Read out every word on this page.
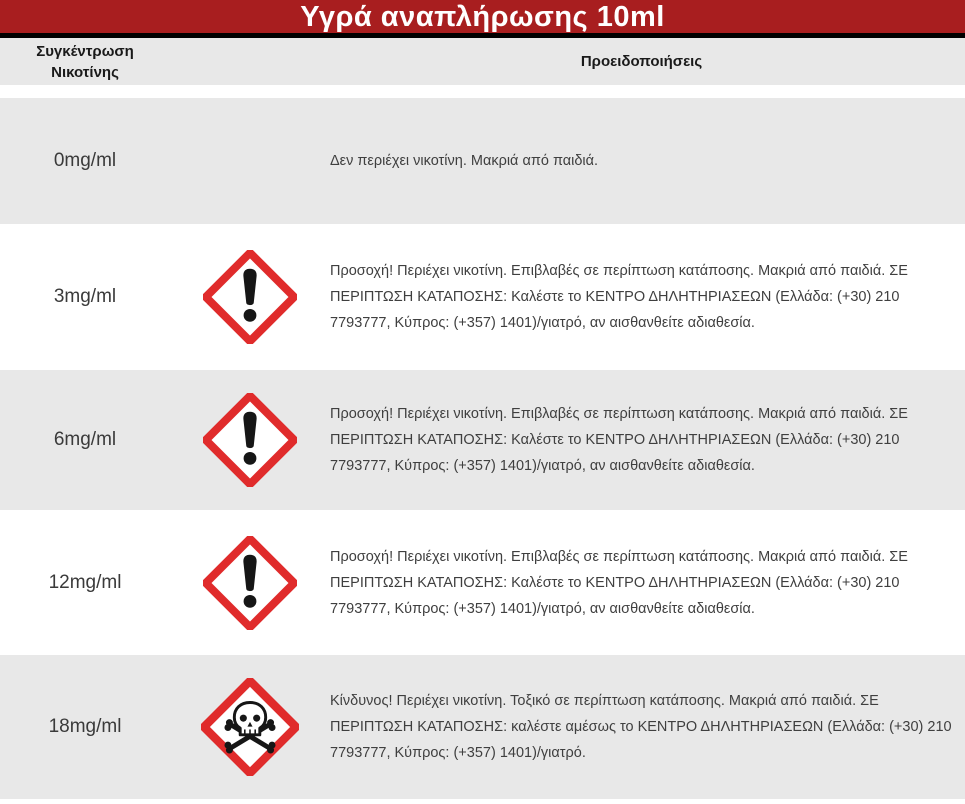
Υγρά αναπλήρωσης 10ml
Συγκέντρωση
Νικοτίνης
Προειδοποιήσεις
0mg/ml	Δεν περιέχει νικοτίνη. Μακριά από παιδιά.
3mg/ml
Προσοχή! Περιέχει νικοτίνη. Επιβλαβές σε περίπτωση κατάποσης. Μακριά από παιδιά. ΣΕ ΠΕΡΙΠΤΩΣΗ ΚΑΤΑΠΟΣΗΣ: Καλέστε το ΚΕΝΤΡΟ ΔΗΛΗΤΗΡΙΑΣΕΩΝ (Ελλάδα: (+30) 210 7793777, Κύπρος: (+357) 1401)/γιατρό, αν αισθανθείτε αδιαθεσία.
6mg/ml
Προσοχή! Περιέχει νικοτίνη. Επιβλαβές σε περίπτωση κατάποσης. Μακριά από παιδιά. ΣΕ ΠΕΡΙΠΤΩΣΗ ΚΑΤΑΠΟΣΗΣ: Καλέστε το ΚΕΝΤΡΟ ΔΗΛΗΤΗΡΙΑΣΕΩΝ (Ελλάδα: (+30) 210 7793777, Κύπρος: (+357) 1401)/γιατρό, αν αισθανθείτε αδιαθεσία.
12mg/ml
Προσοχή! Περιέχει νικοτίνη. Επιβλαβές σε περίπτωση κατάποσης. Μακριά από παιδιά. ΣΕ ΠΕΡΙΠΤΩΣΗ ΚΑΤΑΠΟΣΗΣ: Καλέστε το ΚΕΝΤΡΟ ΔΗΛΗΤΗΡΙΑΣΕΩΝ (Ελλάδα: (+30) 210 7793777, Κύπρος: (+357) 1401)/γιατρό, αν αισθανθείτε αδιαθεσία.
18mg/ml
Κίνδυνος! Περιέχει νικοτίνη. Τοξικό σε περίπτωση κατάποσης. Μακριά από παιδιά. ΣΕ ΠΕΡΙΠΤΩΣΗ ΚΑΤΑΠΟΣΗΣ: καλέστε αμέσως το ΚΕΝΤΡΟ ΔΗΛΗΤΗΡΙΑΣΕΩΝ (Ελλάδα: (+30) 210 7793777, Κύπρος: (+357) 1401)/γιατρό.
